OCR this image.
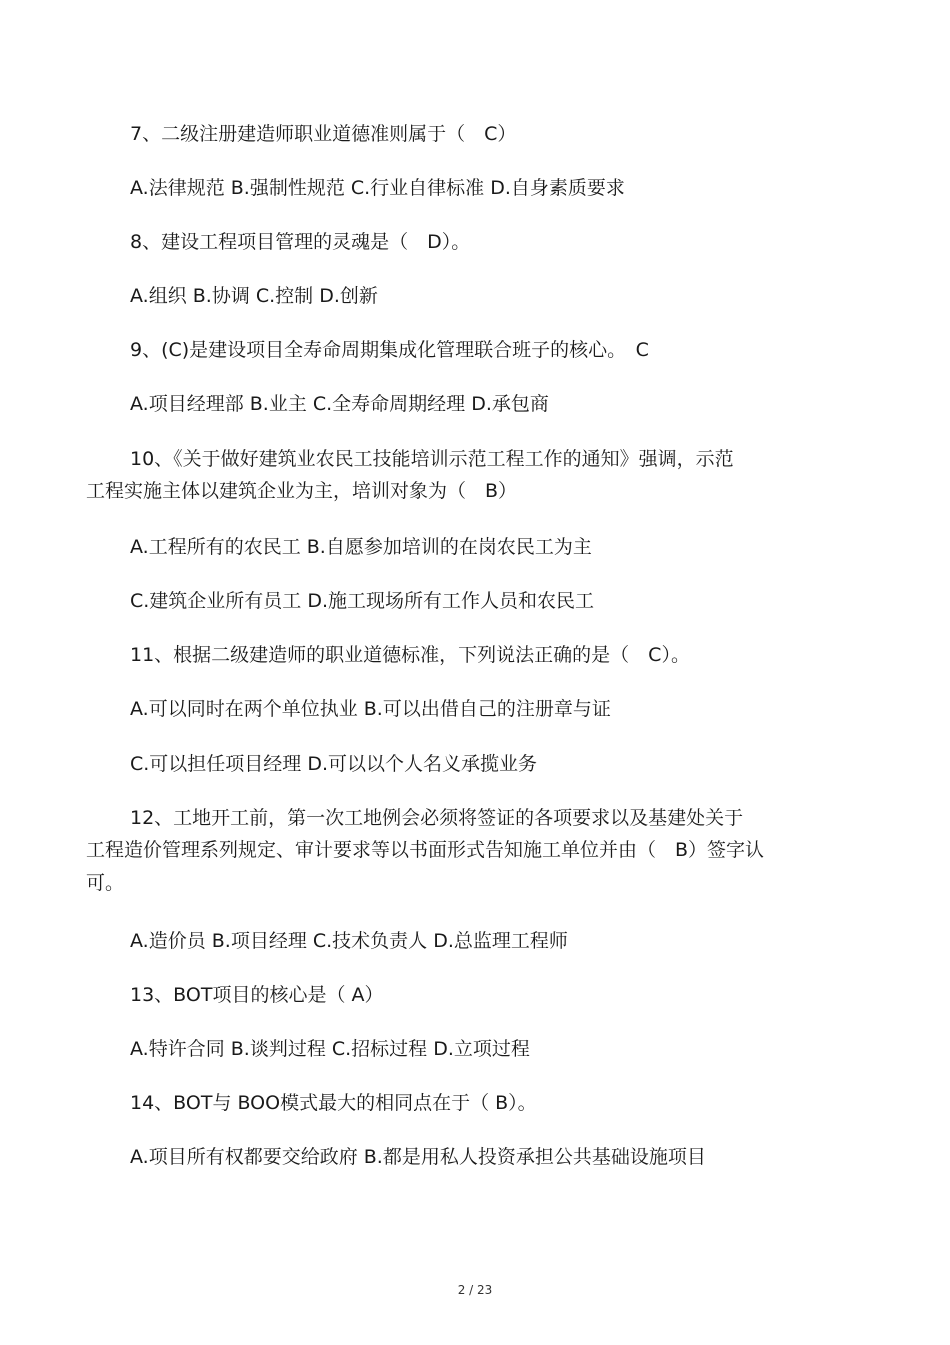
7、二级注册建造师职业道德准则属于（　C）
A.法律规范 B.强制性规范 C.行业自律标准 D.自身素质要求
8、建设工程项目管理的灵魂是（　D）。
A.组织 B.协调 C.控制 D.创新
9、(C)是建设项目全寿命周期集成化管理联合班子的核心。　C
A.项目经理部 B.业主 C.全寿命周期经理 D.承包商
10、《关于做好建筑业农民工技能培训示范工程工作的通知》强调，示范
工程实施主体以建筑企业为主，培训对象为（　B）
A.工程所有的农民工 B.自愿参加培训的在岗农民工为主
C.建筑企业所有员工 D.施工现场所有工作人员和农民工
11、根据二级建造师的职业道德标准，下列说法正确的是（　C）。
A.可以同时在两个单位执业 B.可以出借自己的注册章与证
C.可以担任项目经理 D.可以以个人名义承揽业务
12、工地开工前，第一次工地例会必须将签证的各项要求以及基建处关于
工程造价管理系列规定、审计要求等以书面形式告知施工单位并由（　B）签字认
可。
A.造价员 B.项目经理 C.技术负责人 D.总监理工程师
13、BOT项目的核心是（ A）
A.特许合同 B.谈判过程 C.招标过程 D.立项过程
14、BOT与 BOO模式最大的相同点在于（ B）。
A.项目所有权都要交给政府 B.都是用私人投资承担公共基础设施项目
2 / 23
